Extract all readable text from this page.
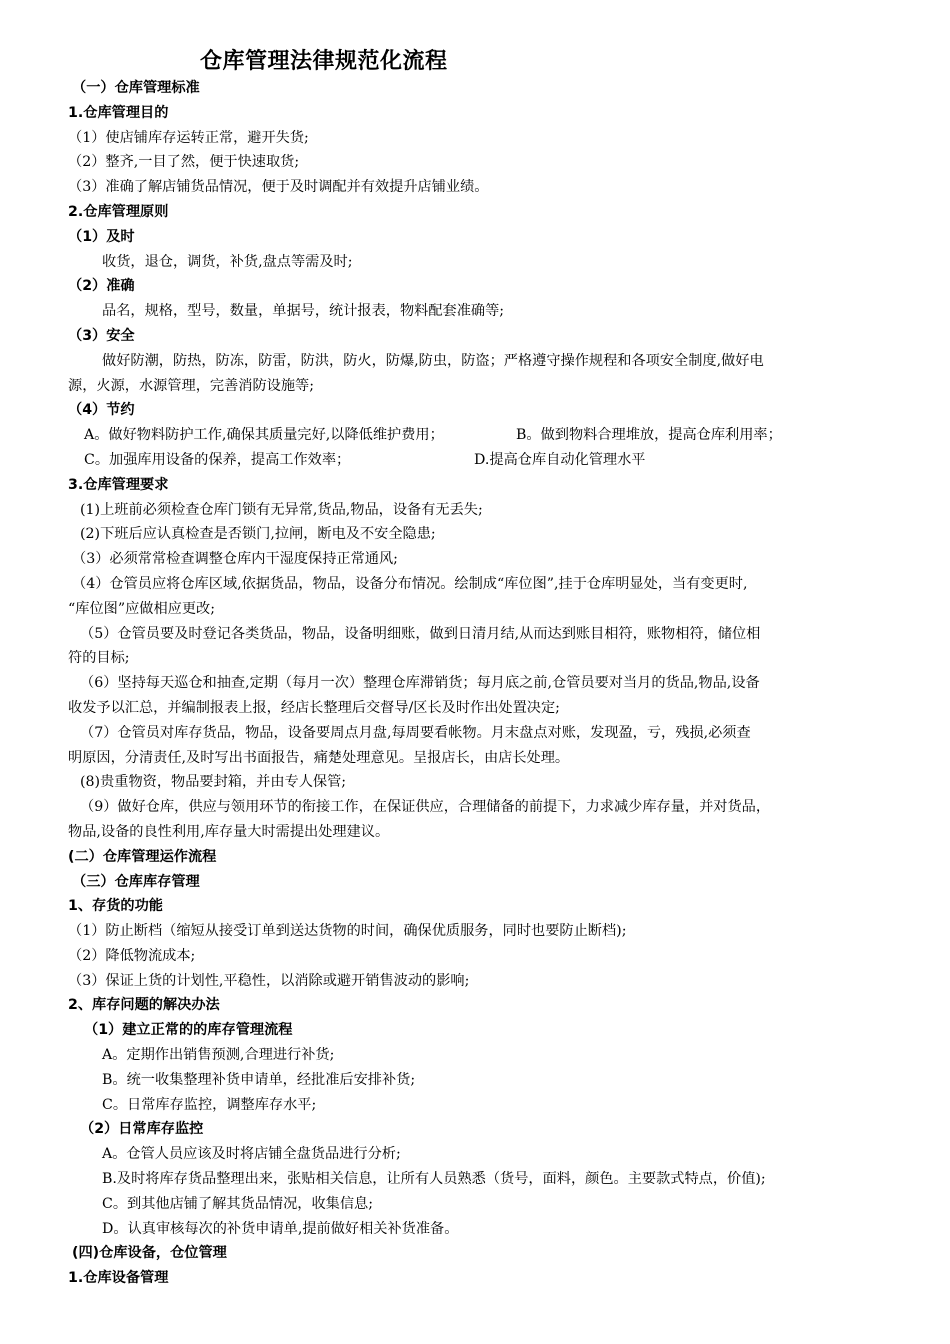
仓库管理法律规范化流程
（一）仓库管理标准
1.仓库管理目的
（1）使店铺库存运转正常，避开失货;
（2）整齐,一目了然，便于快速取货;
（3）准确了解店铺货品情况，便于及时调配并有效提升店铺业绩。
2.仓库管理原则
（1）及时
收货，退仓，调货，补货,盘点等需及时;
（2）准确
品名，规格，型号，数量，单据号，统计报表，物料配套准确等;
（3）安全
做好防潮，防热，防冻，防雷，防洪，防火，防爆,防虫，防盗；严格遵守操作规程和各项安全制度,做好电
源，火源，水源管理，完善消防设施等;
（4）节约
A。做好物料防护工作,确保其质量完好,以降低维护费用；	B。做到物料合理堆放，提高仓库利用率；
C。加强库用设备的保养，提高工作效率；	D.提高仓库自动化管理水平
3.仓库管理要求
(1)上班前必须检查仓库门锁有无异常,货品,物品，设备有无丢失;
(2)下班后应认真检查是否锁门,拉闸，断电及不安全隐患;
（3）必须常常检查调整仓库内干湿度保持正常通风;
（4）仓管员应将仓库区域,依据货品，物品，设备分布情况。绘制成“库位图”,挂于仓库明显处，当有变更时,
“库位图”应做相应更改;
（5）仓管员要及时登记各类货品，物品，设备明细账，做到日清月结,从而达到账目相符，账物相符，储位相
符的目标;
（6）坚持每天巡仓和抽查,定期（每月一次）整理仓库滞销货；每月底之前,仓管员要对当月的货品,物品,设备
收发予以汇总，并编制报表上报，经店长整理后交督导/区长及时作出处置决定;
（7）仓管员对库存货品，物品，设备要周点月盘,每周要看帐物。月末盘点对账，发现盈，亏，残损,必须查
明原因，分清责任,及时写出书面报告，痛楚处理意见。呈报店长，由店长处理。
(8)贵重物资，物品要封箱，并由专人保管;
（9）做好仓库，供应与领用环节的衔接工作，在保证供应，合理储备的前提下，力求减少库存量，并对货品，
物品,设备的良性利用,库存量大时需提出处理建议。
(二）仓库管理运作流程
（三）仓库库存管理
1、存货的功能
（1）防止断档（缩短从接受订单到送达货物的时间，确保优质服务，同时也要防止断档);
（2）降低物流成本;
（3）保证上货的计划性,平稳性，以消除或避开销售波动的影响;
2、库存问题的解决办法
（1）建立正常的的库存管理流程
A。定期作出销售预测,合理进行补货;
B。统一收集整理补货申请单，经批准后安排补货;
C。日常库存监控，调整库存水平;
（2）日常库存监控
A。仓管人员应该及时将店铺全盘货品进行分析;
B.及时将库存货品整理出来，张贴相关信息，让所有人员熟悉（货号，面料，颜色。主要款式特点，价值);
C。到其他店铺了解其货品情况，收集信息;
D。认真审核每次的补货申请单,提前做好相关补货准备。
(四)仓库设备，仓位管理
1.仓库设备管理
